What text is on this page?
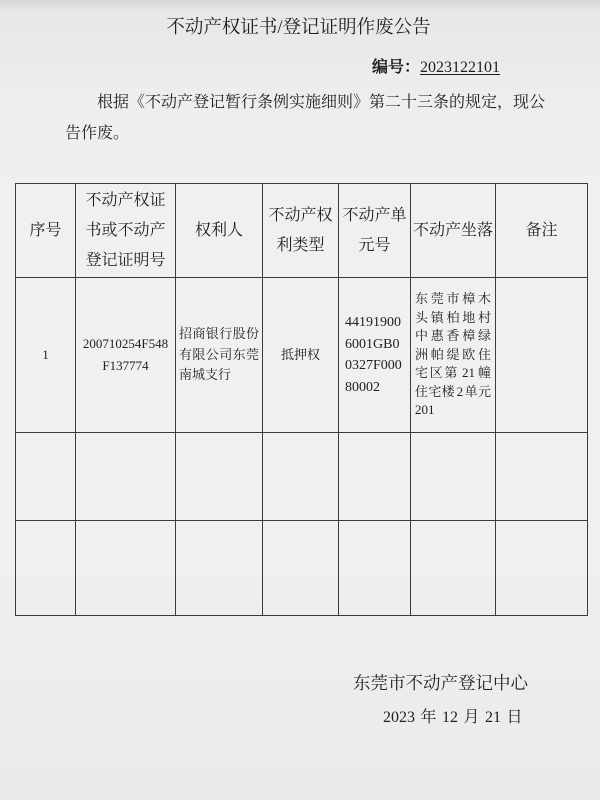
不动产权证书/登记证明作废公告
编号：2023122101

根据《不动产登记暂行条例实施细则》第二十三条的规定，现公告作废。

序号	不动产权证书或不动产登记证明号	权利人	不动产权利类型	不动产单元号	不动产坐落	备注
1	200710254F548F137774	招商银行股份有限公司东莞南城支行	抵押权	441919006001GB00327F00080002	东莞市樟木头镇柏地村中惠香樟绿洲帕缇欧住宅区第 21 幢住宅楼 2 单元 201	

东莞市不动产登记中心
2023 年 12 月 21 日
